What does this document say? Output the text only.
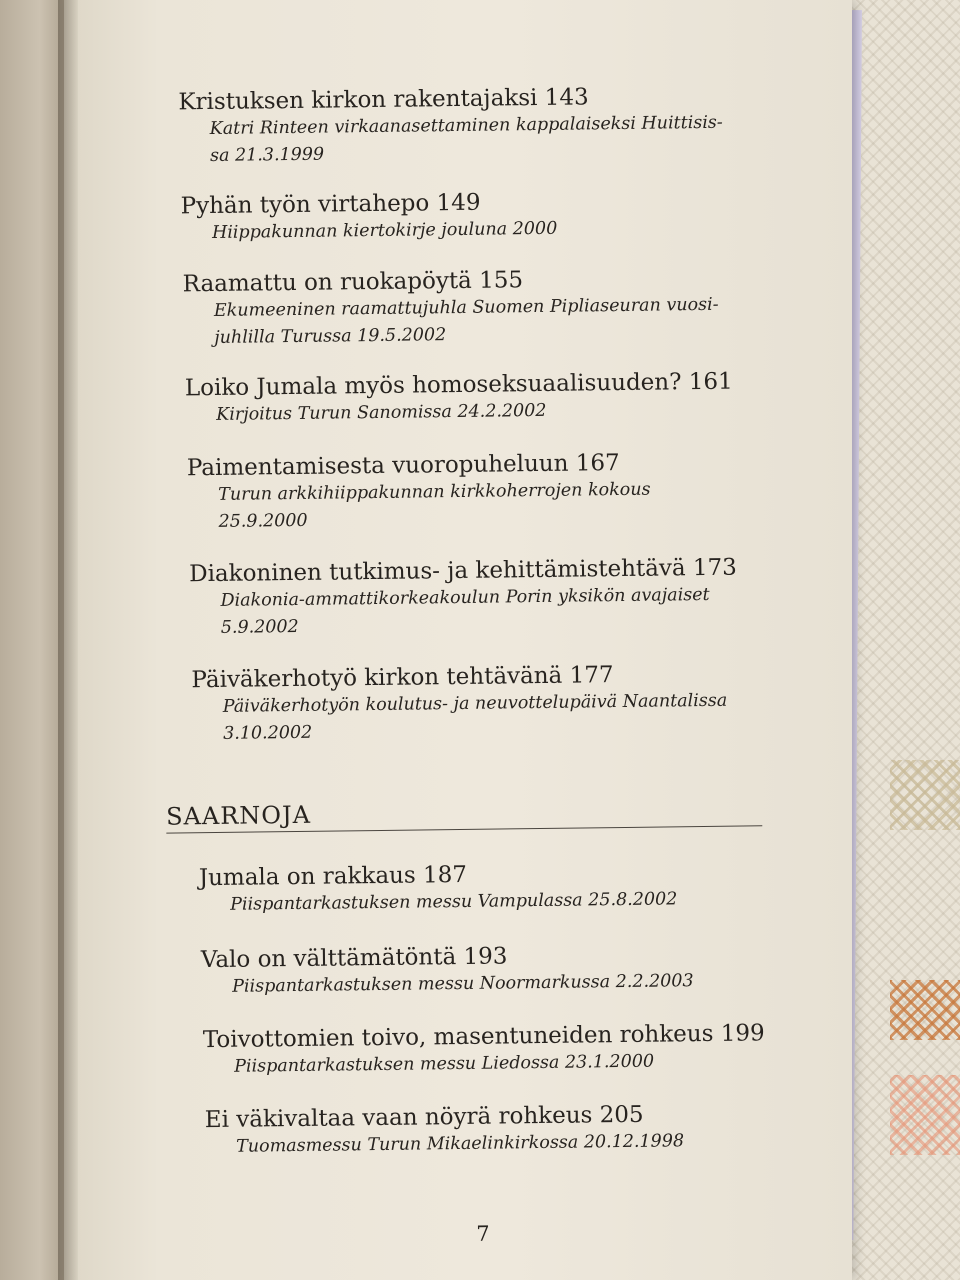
Kristuksen kirkon rakentajaksi 143
Katri Rinteen virkaanasettaminen kappalaiseksi Huittisis-
sa 21.3.1999
Pyhän työn virtahepo 149
Hiippakunnan kiertokirje jouluna 2000
Raamattu on ruokapöytä 155
Ekumeeninen raamattujuhla Suomen Pipliaseuran vuosi-
juhlilla Turussa 19.5.2002
Loiko Jumala myös homoseksuaalisuuden? 161
Kirjoitus Turun Sanomissa 24.2.2002
Paimentamisesta vuoropuheluun 167
Turun arkkihiippakunnan kirkkoherrojen kokous
25.9.2000
Diakoninen tutkimus- ja kehittämistehtävä 173
Diakonia-ammattikorkeakoulun Porin yksikön avajaiset
5.9.2002
Päiväkerhotyö kirkon tehtävänä 177
Päiväkerhotyön koulutus- ja neuvottelupäivä Naantalissa
3.10.2002
SAARNOJA
Jumala on rakkaus 187
Piispantarkastuksen messu Vampulassa 25.8.2002
Valo on välttämätöntä 193
Piispantarkastuksen messu Noormarkussa 2.2.2003
Toivottomien toivo, masentuneiden rohkeus 199
Piispantarkastuksen messu Liedossa 23.1.2000
Ei väkivaltaa vaan nöyrä rohkeus 205
Tuomasmessu Turun Mikaelinkirkossa 20.12.1998
7
